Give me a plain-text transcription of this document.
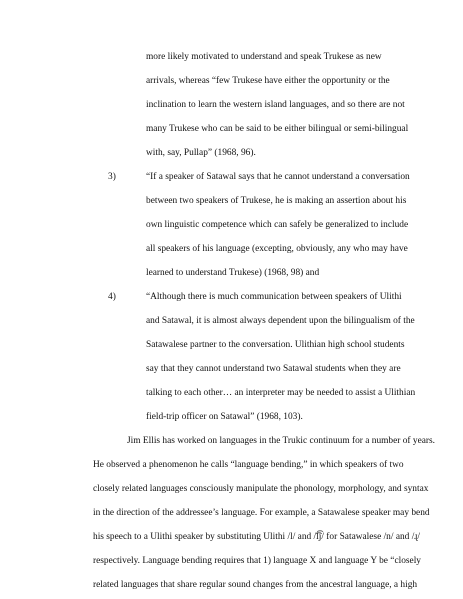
more likely motivated to understand and speak Trukese as new
arrivals, whereas “few Trukese have either the opportunity or the
inclination to learn the western island languages, and so there are not
many Trukese who can be said to be either bilingual or semi-bilingual
with, say, Pullap” (1968, 96).
3)	“If a speaker of Satawal says that he cannot understand a conversation
between two speakers of Trukese, he is making an assertion about his
own linguistic competence which can safely be generalized to include
all speakers of his language (excepting, obviously, any who may have
learned to understand Trukese) (1968, 98) and
4)	“Although there is much communication between speakers of Ulithi
and Satawal, it is almost always dependent upon the bilingualism of the
Satawalese partner to the conversation. Ulithian high school students
say that they cannot understand two Satawal students when they are
talking to each other… an interpreter may be needed to assist a Ulithian
field-trip officer on Satawal” (1968, 103).
Jim Ellis has worked on languages in the Trukic continuum for a number of years.
He observed a phenomenon he calls “language bending,” in which speakers of two
closely related languages consciously manipulate the phonology, morphology, and syntax
in the direction of the addressee’s language. For example, a Satawalese speaker may bend
his speech to a Ulithi speaker by substituting Ulithi /l/ and /͡l͡j/ for Satawalese /n/ and /ɻ/
respectively. Language bending requires that 1) language X and language Y be “closely
related languages that share regular sound changes from the ancestral language, a high
